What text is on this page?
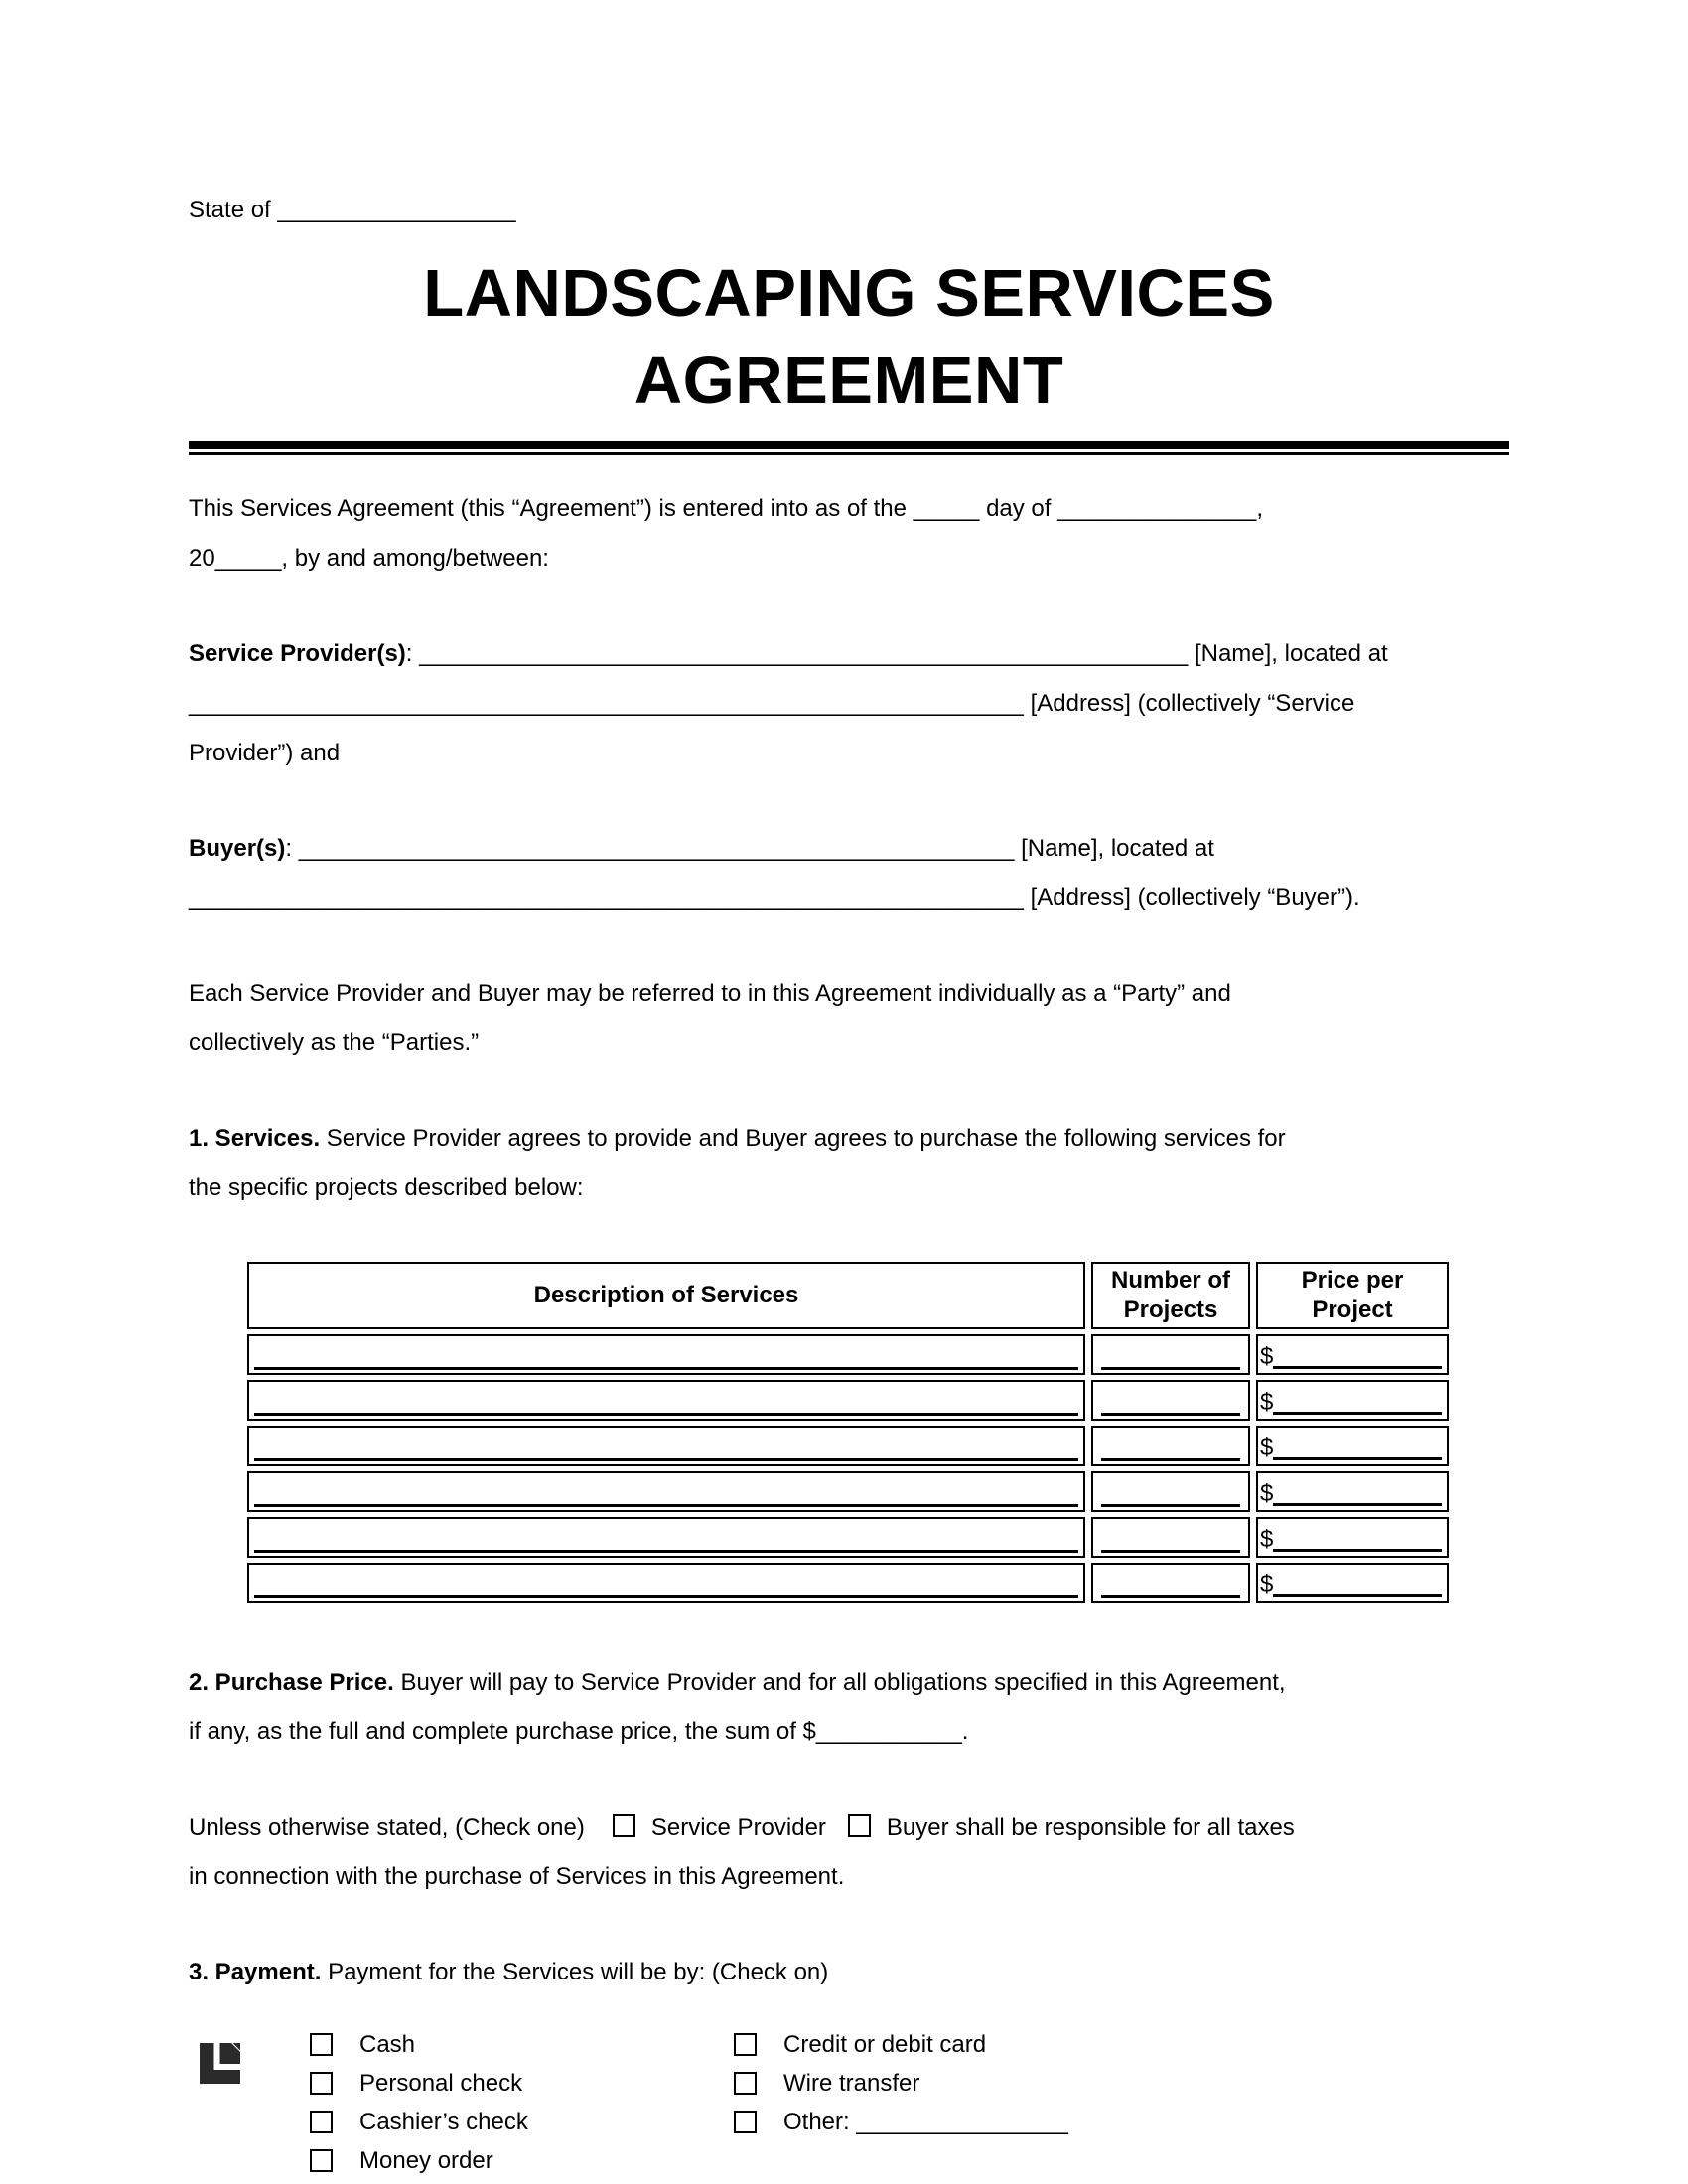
State of __________________
LANDSCAPING SERVICES
AGREEMENT
This Services Agreement (this “Agreement”) is entered into as of the _____ day of _______________,
20_____, by and among/between:
Service Provider(s): __________________________________________________________ [Name], located at
_______________________________________________________________ [Address] (collectively “Service
Provider”) and
Buyer(s): ______________________________________________________ [Name], located at
_______________________________________________________________ [Address] (collectively “Buyer”).
Each Service Provider and Buyer may be referred to in this Agreement individually as a “Party” and
collectively as the “Parties.”
1. Services. Service Provider agrees to provide and Buyer agrees to purchase the following services for
the specific projects described below:
Description of Services	Number of Projects	Price per Project

		$

		$

		$

		$

		$

		$
2. Purchase Price. Buyer will pay to Service Provider and for all obligations specified in this Agreement,
if any, as the full and complete purchase price, the sum of $___________.
Unless otherwise stated, (Check one)	Service Provider	Buyer shall be responsible for all taxes
in connection with the purchase of Services in this Agreement.
3. Payment. Payment for the Services will be by: (Check on)
Cash
Personal check
Cashier’s check
Money order
Credit or debit card
Wire transfer
Other: ________________
